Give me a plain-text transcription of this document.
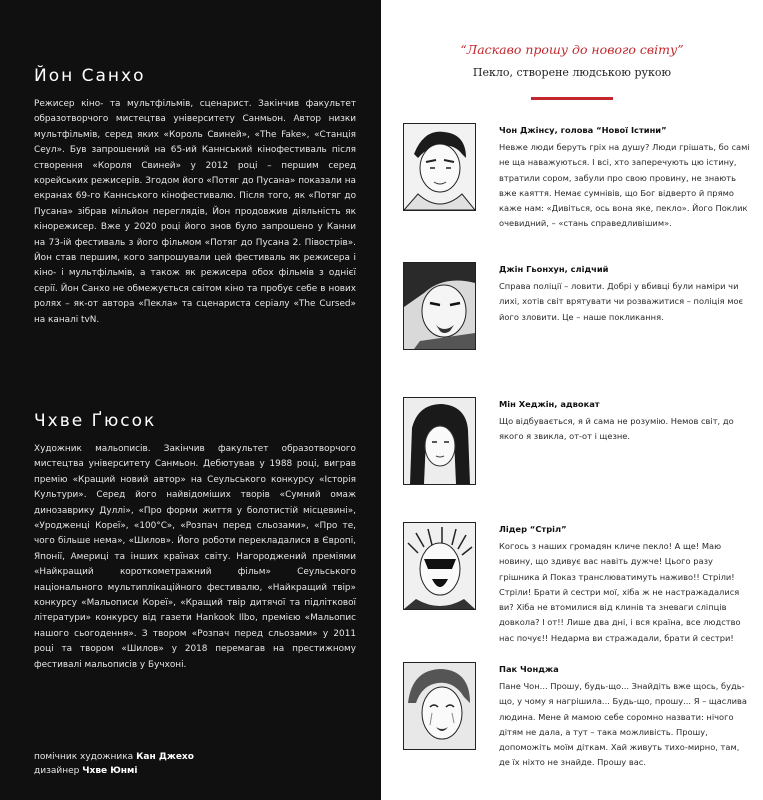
Йон Санхо

Режисер кіно- та мультфільмів, сценарист. Закінчив факультет образотворчого мистецтва університету Санмьон. Автор низки мультфільмів, серед яких «Король Свиней», «The Fake», «Станція Сеул». Був запрошений на 65-ий Каннський кінофестиваль після створення «Короля Свиней» у 2012 році – першим серед корейських режисерів. Згодом його «Потяг до Пусана» показали на екранах 69-го Каннського кінофестивалю. Після того, як «Потяг до Пусана» зібрав мільйон переглядів, Йон продовжив діяльність як кінорежисер. Вже у 2020 році його знов було запрошено у Канни на 73-ій фестиваль з його фільмом «Потяг до Пусана 2. Півострів». Йон став першим, кого запрошували цей фестиваль як режисера і кіно- і мультфільмів, а також як режисера обох фільмів з однієї серії. Йон Санхо не обмежується світом кіно та пробує себе в нових ролях – як-от автора «Пекла» та сценариста серіалу «The Cursed» на каналі tvN.

Чхве Ґюсок

Художник мальописів. Закінчив факультет образотворчого мистецтва університету Санмьон. Дебютував у 1988 році, виграв премію «Кращий новий автор» на Сеульського конкурсу «Історія Культури». Серед його найвідоміших творів «Сумний омаж динозаврику Дуллі», «Про форми життя у болотистій місцевині», «Уродженці Кореї», «100°C», «Розпач перед сльозами», «Про те, чого більше нема», «Шилов». Його роботи перекладалися в Європі, Японії, Америці та інших країнах світу. Нагороджений преміями «Найкращий короткометражний фільм» Сеульського національного мультиплікаційного фестивалю, «Найкращий твір» конкурсу «Мальописи Кореї», «Кращий твір дитячої та підліткової літератури» конкурсу від газети Hankook Ilbo, премією «Мальопис нашого сьогодення». З твором «Розпач перед сльозами» у 2011 році та твором «Шилов» у 2018 перемагав на престижному фестивалі мальописів у Бучхоні.

помічник художника Кан Джехо
дизайнер Чхве Юнмі

“Ласкаво прошу до нового світу”

Пекло, створене людською рукою

Чон Джінсу, голова “Нової Істини”

Невже люди беруть гріх на душу? Люди грішать, бо самі не ща наважуються. І всі, хто заперечують цю істину, втратили сором, забули про свою провину, не знають вже каяття. Немає сумнівів, що Бог відверто й прямо каже нам: «Дивіться, ось вона яке, пекло». Його Поклик очевидний, – «стань справедливішим».

Джін Гьонхун, слідчий

Справа поліції – ловити. Добрі у вбивці були наміри чи лихі, хотів світ врятувати чи розважитися – поліція моє його зловити. Це – наше покликання.

Мін Хеджін, адвокат

Що відбувається, я й сама не розумію. Немов світ, до якого я звикла, от-от і щезне.

Лідер “Стріл”

Когось з наших громадян кличе пекло! А ще! Маю новину, що здивує вас навіть дужче! Цього разу грішника й Показ транслюватимуть наживо!! Стріли! Стріли! Брати й сестри мої, хіба ж не настражадалися ви? Хіба не втомилися від клинів та зневаги сліпців довкола? І от!! Лише два дні, і вся країна, все людство нас почує!! Недарма ви стражадали, брати й сестри!

Пак Чонджа

Пане Чон... Прошу, будь-що... Знайдіть вже щось, будь-що, у чому я нагрішила... Будь-що, прошу... Я – щаслива людина. Мене й мамою себе соромно назвати: нічого дітям не дала, а тут – така можливість. Прошу, допоможіть моїм діткам. Хай живуть тихо-мирно, там, де їх ніхто не знайде. Прошу вас.
